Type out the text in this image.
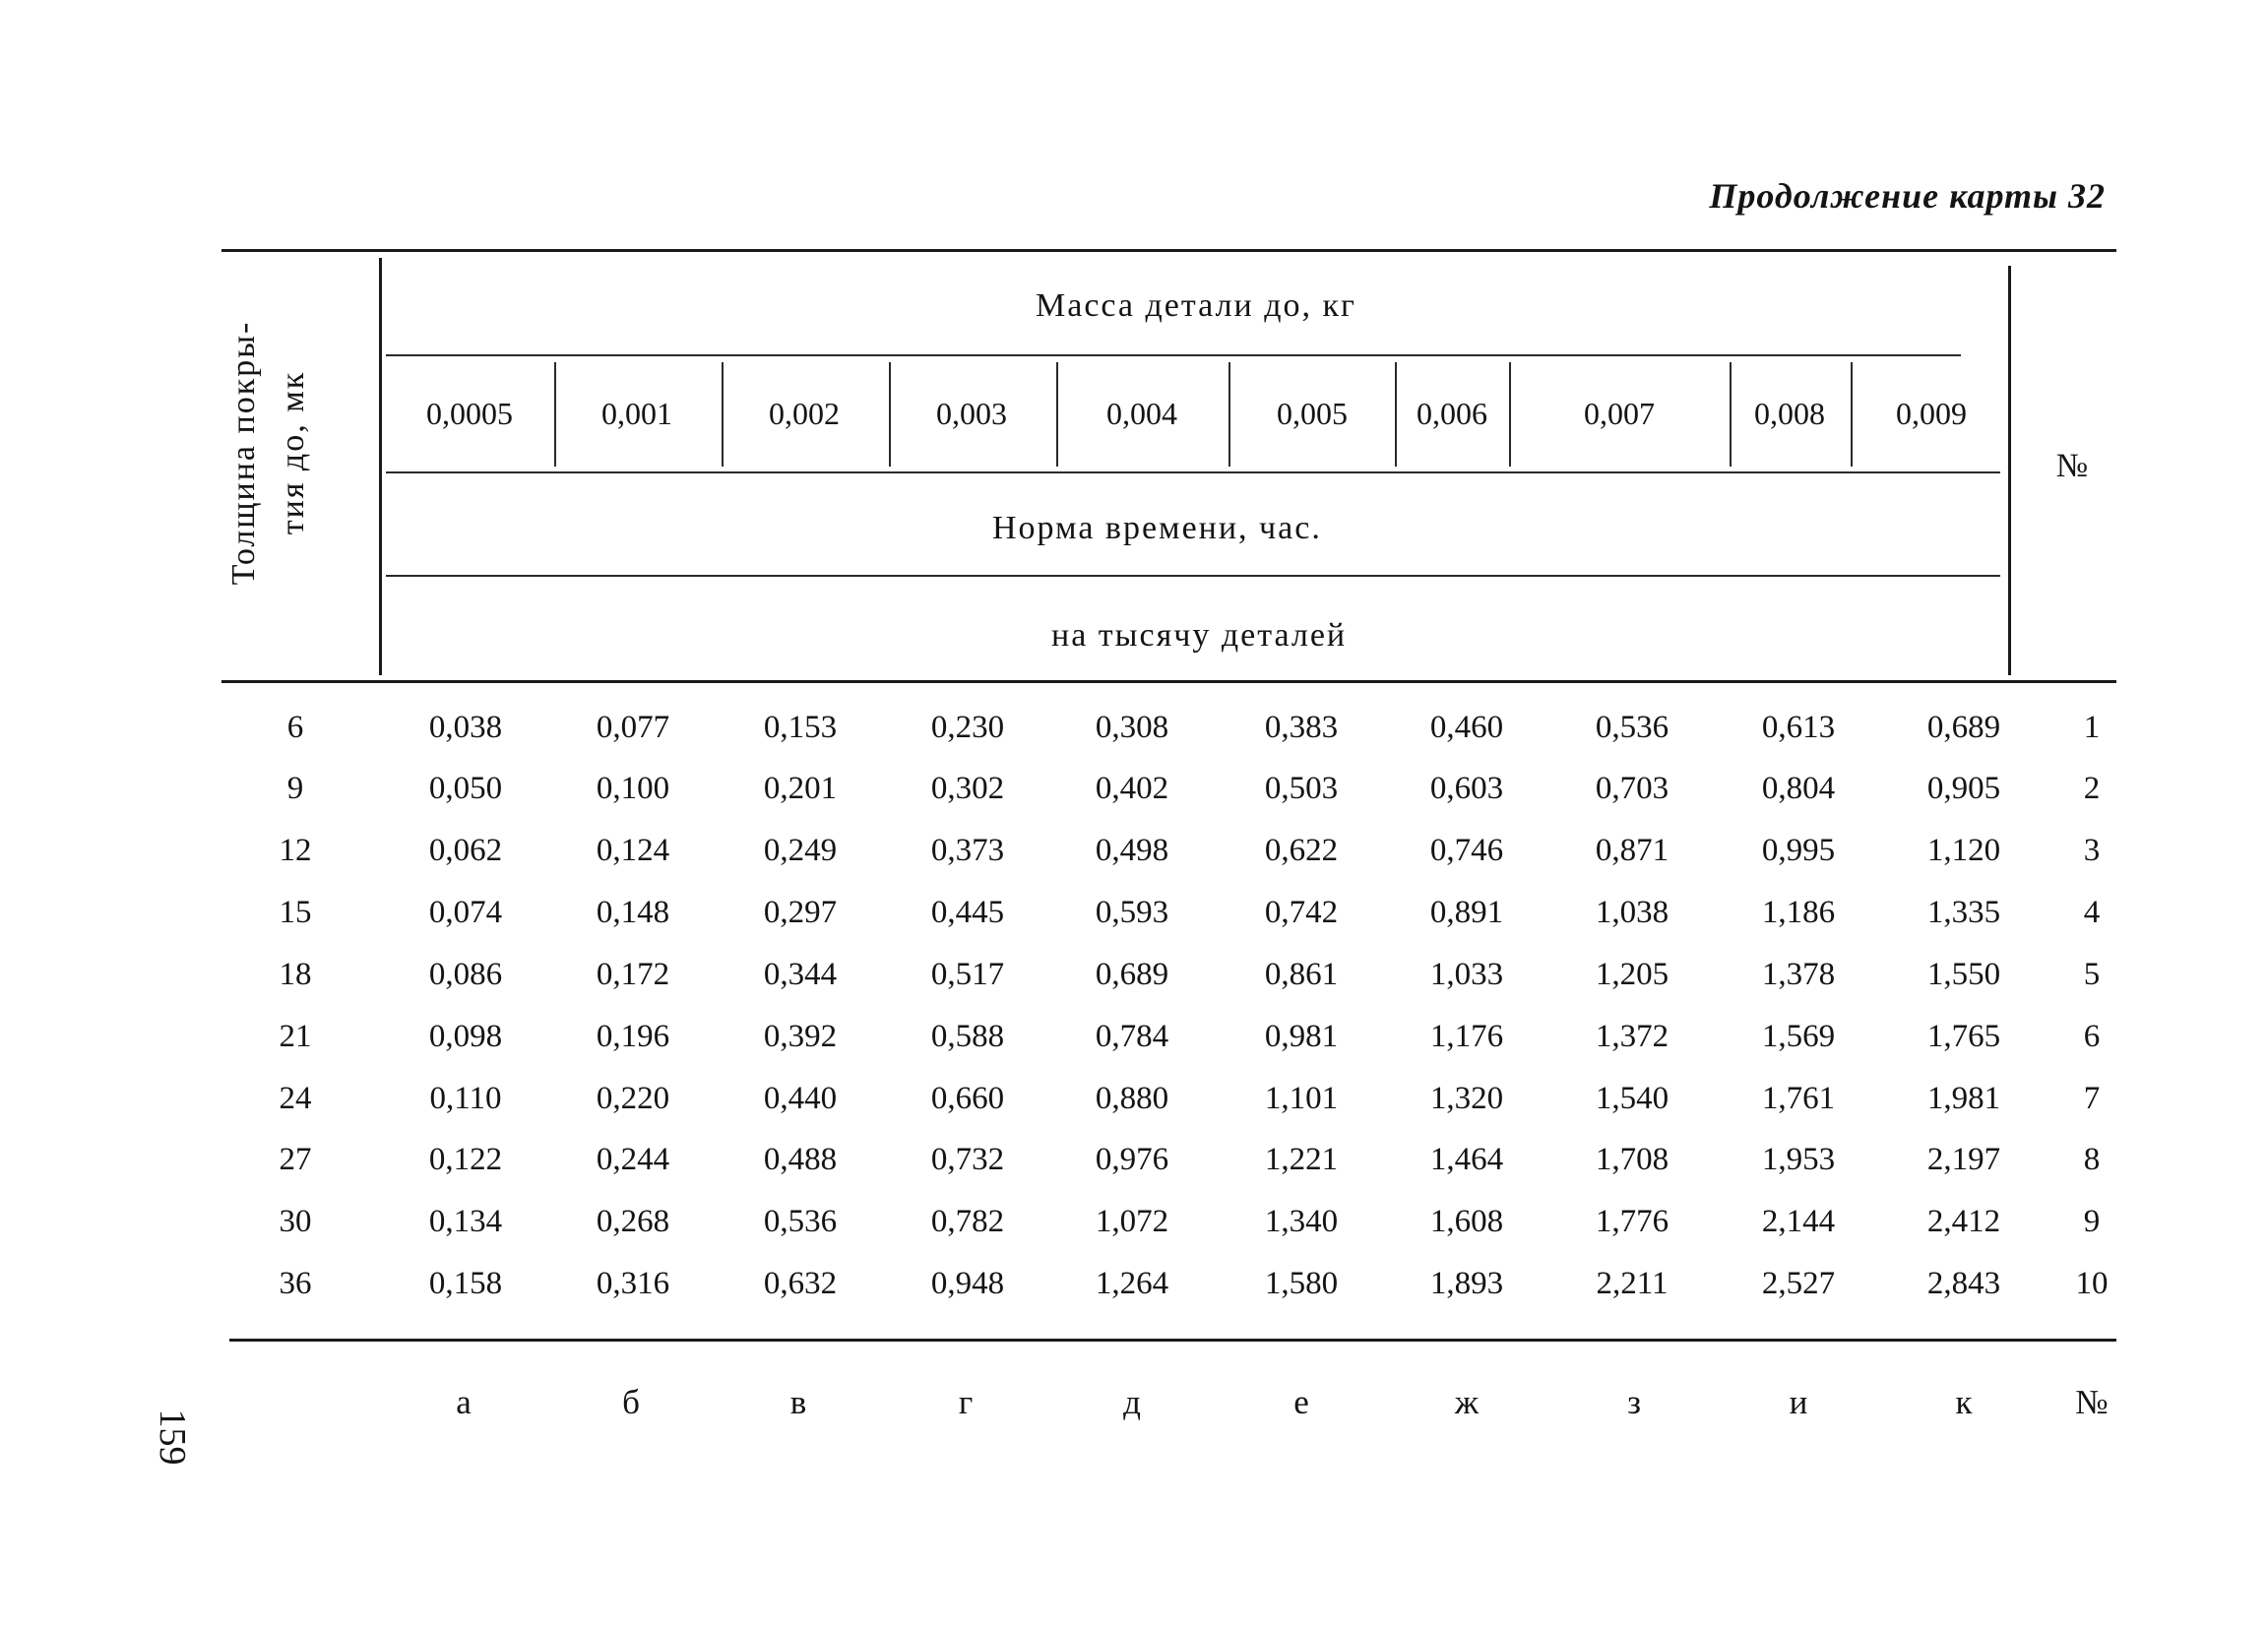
Продолжение карты 32
Толщина покры- тия до, мк
Масса детали до, кг
Норма времени, час.
на тысячу деталей
№
0,0005	0,001	0,002	0,003	0,004	0,005	0,006	0,007	0,008	0,009
6	0,038	0,077	0,153	0,230	0,308	0,383	0,460	0,536	0,613	0,689	1
9	0,050	0,100	0,201	0,302	0,402	0,503	0,603	0,703	0,804	0,905	2
12	0,062	0,124	0,249	0,373	0,498	0,622	0,746	0,871	0,995	1,120	3
15	0,074	0,148	0,297	0,445	0,593	0,742	0,891	1,038	1,186	1,335	4
18	0,086	0,172	0,344	0,517	0,689	0,861	1,033	1,205	1,378	1,550	5
21	0,098	0,196	0,392	0,588	0,784	0,981	1,176	1,372	1,569	1,765	6
24	0,110	0,220	0,440	0,660	0,880	1,101	1,320	1,540	1,761	1,981	7
27	0,122	0,244	0,488	0,732	0,976	1,221	1,464	1,708	1,953	2,197	8
30	0,134	0,268	0,536	0,782	1,072	1,340	1,608	1,776	2,144	2,412	9
36	0,158	0,316	0,632	0,948	1,264	1,580	1,893	2,211	2,527	2,843	10
а	б	в	г	д	е	ж	з	и	к	№
159
